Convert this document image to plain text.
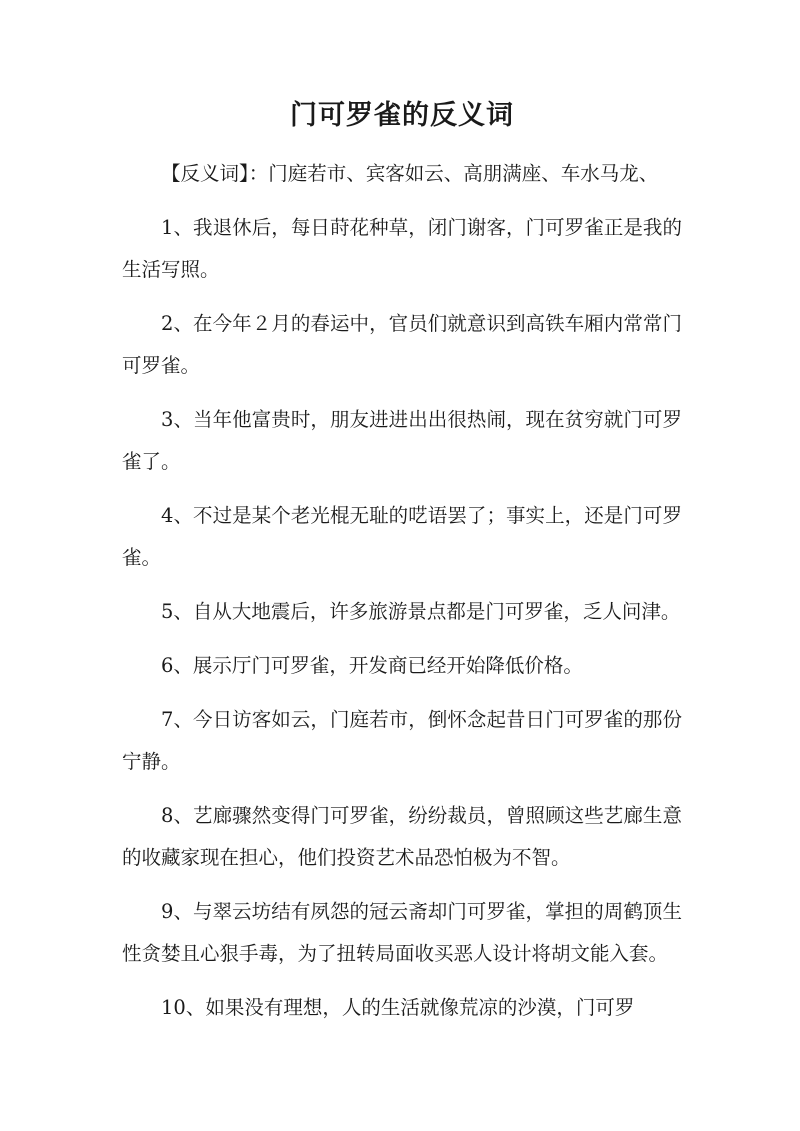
门可罗雀的反义词

【反义词】：门庭若市、宾客如云、高朋满座、车水马龙、

1、我退休后，每日莳花种草，闭门谢客，门可罗雀正是我的生活写照。

2、在今年２月的春运中，官员们就意识到高铁车厢内常常门可罗雀。

3、当年他富贵时，朋友进进出出很热闹，现在贫穷就门可罗雀了。

4、不过是某个老光棍无耻的呓语罢了；事实上，还是门可罗雀。

5、自从大地震后，许多旅游景点都是门可罗雀，乏人问津。

6、展示厅门可罗雀，开发商已经开始降低价格。

7、今日访客如云，门庭若市，倒怀念起昔日门可罗雀的那份宁静。

8、艺廊骤然变得门可罗雀，纷纷裁员，曾照顾这些艺廊生意的收藏家现在担心，他们投资艺术品恐怕极为不智。

9、与翠云坊结有夙怨的冠云斋却门可罗雀，掌担的周鹤顶生性贪婪且心狠手毒，为了扭转局面收买恶人设计将胡文能入套。

10、如果没有理想，人的生活就像荒凉的沙漠，门可罗
